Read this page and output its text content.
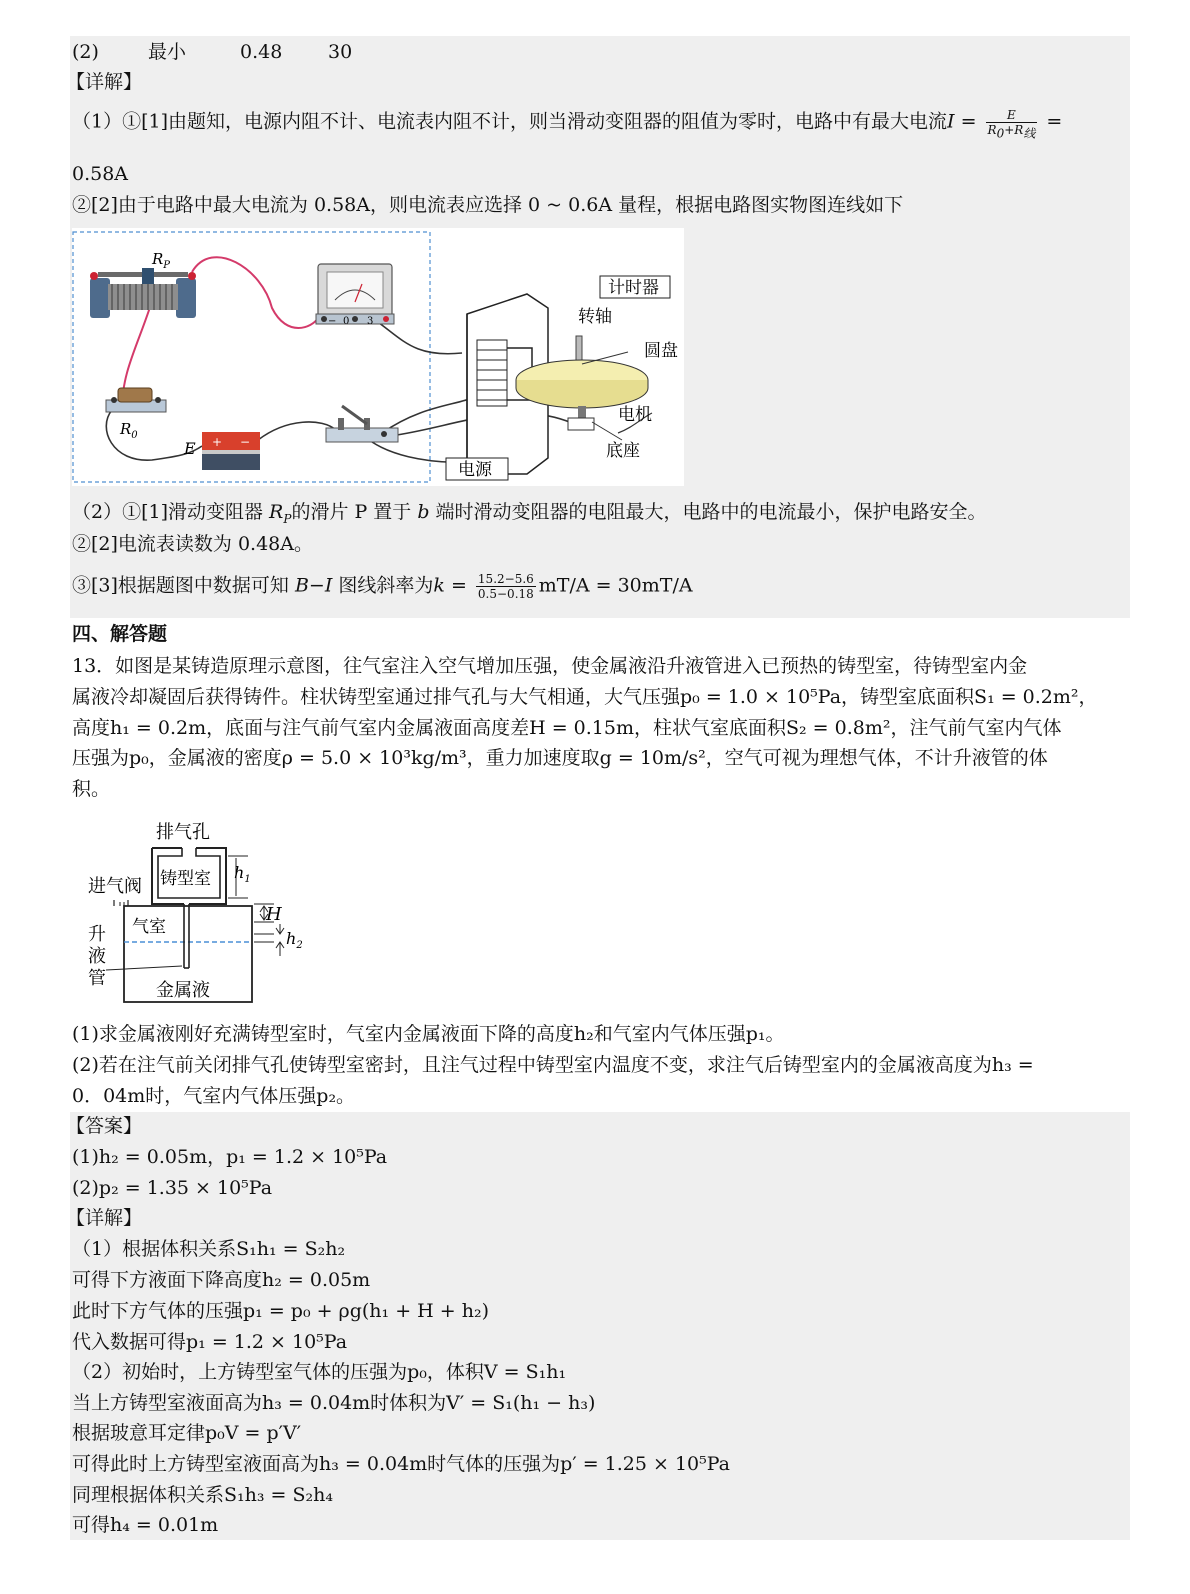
(2)	最小	0.48 30
【详解】
（1）①[1]由题知，电源内阻不计、电流表内阻不计，则当滑动变阻器的阻值为零时，电路中有最大电流$I = \frac{E}{R_0+R_线}$ =
0.58A
②[2]由于电路中最大电流为 0.58A，则电流表应选择 0 ~ 0.6A 量程，根据电路图实物图连线如下
$R_P$
− 0 3
$R_0$	+ −
E
计时器
转轴
圆盘
电机
底座
电源
（2）①[1]滑动变阻器 $R_P$的滑片 P 置于 b 端时滑动变阻器的电阻最大，电路中的电流最小，保护电路安全。
②[2]电流表读数为 0.48A。
③[3]根据题图中数据可知 B−I 图线斜率为$k = \frac{15.2-5.6}{0.5-0.18} mT/A = 30mT/A$
四、解答题
13．如图是某铸造原理示意图，往气室注入空气增加压强，使金属液沿升液管进入已预热的铸型室，待铸型室内金
属液冷却凝固后获得铸件。柱状铸型室通过排气孔与大气相通，大气压强p₀ = 1.0 × 10⁵Pa，铸型室底面积S₁ = 0.2m²，
高度h₁ = 0.2m，底面与注气前气室内金属液面高度差H = 0.15m，柱状气室底面积S₂ = 0.8m²，注气前气室内气体
压强为p₀，金属液的密度ρ = 5.0 × 10³kg/m³，重力加速度取g = 10m/s²，空气可视为理想气体，不计升液管的体
积。
排气孔
铸型室 $h_1$
进气阀
气室
升
液
管
金属液
H
$h_2$
(1)求金属液刚好充满铸型室时，气室内金属液面下降的高度h₂和气室内气体压强p₁。
(2)若在注气前关闭排气孔使铸型室密封，且注气过程中铸型室内温度不变，求注气后铸型室内的金属液高度为h₃ =
0．04m时，气室内气体压强p₂。
【答案】
(1)h₂ = 0.05m，p₁ = 1.2 × 10⁵Pa
(2)p₂ = 1.35 × 10⁵Pa
【详解】
（1）根据体积关系S₁h₁ = S₂h₂
可得下方液面下降高度h₂ = 0.05m
此时下方气体的压强p₁ = p₀ + ρg(h₁ + H + h₂)
代入数据可得p₁ = 1.2 × 10⁵Pa
（2）初始时，上方铸型室气体的压强为p₀，体积V = S₁h₁
当上方铸型室液面高为h₃ = 0.04m时体积为V′ = S₁(h₁ − h₃)
根据玻意耳定律p₀V = p′V′
可得此时上方铸型室液面高为h₃ = 0.04m时气体的压强为p′ = 1.25 × 10⁵Pa
同理根据体积关系S₁h₃ = S₂h₄
可得h₄ = 0.01m
